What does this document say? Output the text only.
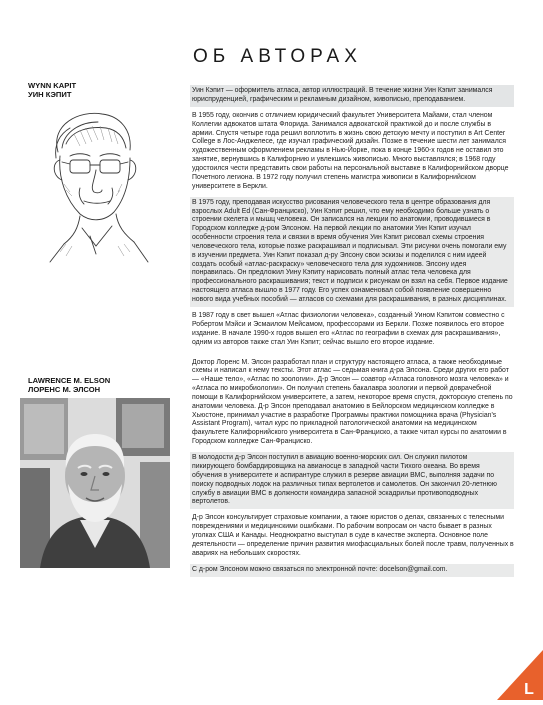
ОБ АВТОРАХ
WYNN KAPIT
УИН КЭПИТ
LAWRENCE M. ELSON
ЛОРЕНС М. ЭЛСОН

Уин Кэпит — оформитель атласа, автор иллюстраций. В течение жизни Уин Кэпит занимался юриспруденцией, графическим и рекламным дизайном, живописью, преподаванием.

В 1955 году, окончив с отличием юридический факультет Университета Майами, стал членом Коллегии адвокатов штата Флорида. Занимался адвокатской практикой до и после службы в армии. Спустя четыре года решил воплотить в жизнь свою детскую мечту и поступил в Art Center College в Лос-Анджелесе, где изучал графический дизайн. Позже в течение шести лет занимался художественным оформлением рекламы в Нью-Йорке, пока в конце 1960-х годов не оставил это занятие, вернувшись в Калифорнию и увлекшись живописью. Много выставлялся; в 1968 году удостоился чести представить свои работы на персональной выставке в Калифорнийском дворце Почетного легиона. В 1972 году получил степень магистра живописи в Калифорнийском университете в Беркли.

В 1975 году, преподавая искусство рисования человеческого тела в центре образования для взрослых Adult Ed (Сан-Франциско), Уин Кэпит решил, что ему необходимо больше узнать о строении скелета и мышц человека. Он записался на лекции по анатомии, проводившиеся в Городском колледже д-ром Элсоном. На первой лекции по анатомии Уин Кэпит изучал особенности строения тела и связки в время обучения Уин Кэпит рисовал схемы строения человеческого тела, которые позже раскрашивал и подписывал. Эти рисунки очень помогали ему в изучении предмета. Уин Кэпит показал д-ру Элсону свои эскизы и поделился с ним идеей создать особый «атлас-раскраску» человеческого тела для художников. Элсону идея понравилась. Он предложил Уину Кэпиту нарисовать полный атлас тела человека для профессионального раскрашивания; текст и подписи к рисункам он взял на себя. Первое издание настоящего атласа вышло в 1977 году. Его успех ознаменовал собой появление совершенно нового вида учебных пособий — атласов со схемами для раскрашивания, в разных дисциплинах.

В 1987 году в свет вышел «Атлас физиологии человека», созданный Уином Кэпитом совместно с Робертом Мэйси и Эсмаилом Мейсамом, профессорами из Беркли. Позже появилось его второе издание. В начале 1990-х годов вышел его «Атлас по географии в схемах для раскрашивания», одним из авторов также стал Уин Кэпит; сейчас вышло его второе издание.

Доктор Лоренс М. Элсон разработал план и структуру настоящего атласа, а также необходимые схемы и написал к нему тексты. Этот атлас — седьмая книга д-ра Элсона. Среди других его работ — «Наше тело», «Атлас по зоологии». Д-р Элсон — соавтор «Атласа головного мозга человека» и «Атласа по микробиологии». Он получил степень бакалавра зоологии и первой доврачебной помощи в Калифорнийском университете, а затем, некоторое время спустя, докторскую степень по анатомии человека. Д-р Элсон преподавал анатомию в Бейлорском медицинском колледже в Хьюстоне, принимал участие в разработке Программы практики помощника врача (Physician's Assistant Program), читал курс по прикладной патологической анатомии на медицинском факультете Калифорнийского университета в Сан-Франциско, а также читал курсы по анатомии в Городском колледже Сан-Франциско.

В молодости д-р Элсон поступил в авиацию военно-морских сил. Он служил пилотом пикирующего бомбардировщика на авианосце в западной части Тихого океана. Во время обучения в университете и аспирантуре служил в резерве авиации ВМС, выполняя задачи по поиску подводных лодок на различных типах вертолетов и самолетов. Он закончил 20-летнюю службу в авиации ВМС в должности командира запасной эскадрильи противоподводных вертолетов.

Д-р Элсон консультирует страховые компании, а также юристов о делах, связанных с телесными повреждениями и медицинскими ошибками. По рабочим вопросам он часто бывает в разных уголках США и Канады. Неоднократно выступал в суде в качестве эксперта. Основное поле деятельности — определение причин развития миофасциальных болей после травм, полученных в авариях на небольших скоростях.

С д-ром Элсоном можно связаться по электронной почте: docelson@gmail.com.

L
